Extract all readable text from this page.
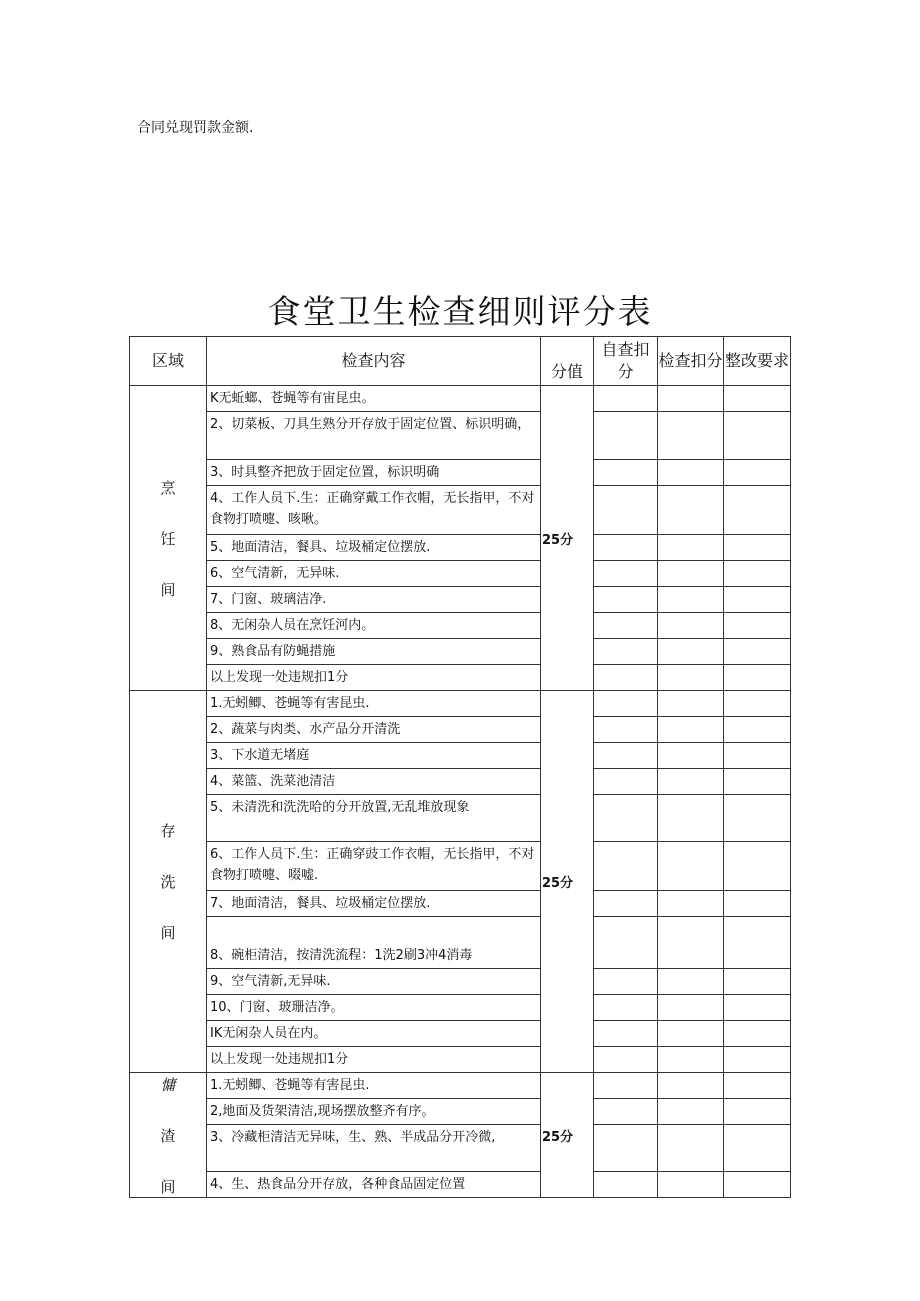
合同兑现罚款金额.
食堂卫生检查细则评分表
区域	检查内容	分值	自查扣分	检查扣分	整改要求

烹
饪
间	K无蚯螂、苍蝇等有宙昆虫。	25分			
	2、切菜板、刀具生熟分开存放于固定位置、标识明确，				
	3、时具整齐把放于固定位置，标识明确				
	4、工作人员下.生：正确穿戴工作衣帽，无长指甲，不对食物打喷嚏、咳啾。				
	5、地面清洁，餐具、垃圾桶定位摆放.				
	6、空气清新，无异味.				
	7、门窗、玻璃洁净.				
	8、无闲杂人员在烹饪河内。				
	9、熟食品有防蝇措施				
	以上发现一处违规扣1分				

存
洗
间	1.无蚓鲫、苍蝇等有害昆虫.	25分			
	2、蔬菜与肉类、水产品分开清洗				
	3、下水道无堵庭				
	4、菜篮、洗菜池清洁				
	5、未清洗和洗洗哈的分开放置,无乱堆放现象				
	6、工作人员下.生：正确穿豉工作衣帽，无长指甲，不对食物打喷嚏、啜嘘.				
	7、地面清洁，餐具、垃圾桶定位摆放.				
	8、碗柜清洁，按清洗流程：1洗2刷3冲4消毒				
	9、空气清新,无异味.				
	10、门窗、玻珊洁净。				
	IK无闲杂人员在内。				
	以上发现一处违规扣1分				

慵
渣
间	1.无蚓鲫、苍蝇等有害昆虫.	25分			
	2,地面及货架清洁,现场摆放整齐有序。				
	3、冷藏柜清洁无异味，生、熟、半成品分开冷微,				
	4、生、热食品分开存放，各种食品固定位置				
